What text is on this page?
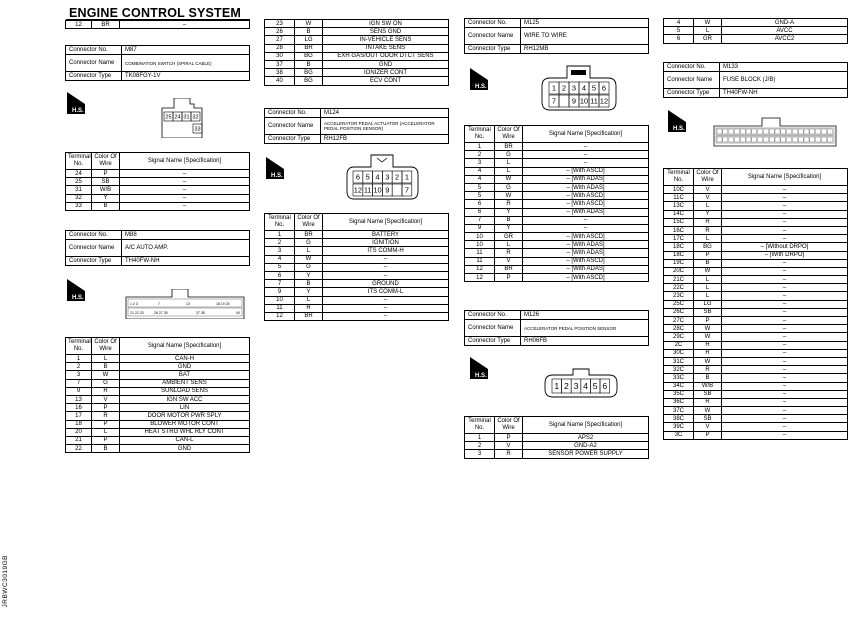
ENGINE CONTROL SYSTEM
JRBWC3019GB
12	BR	–
Connector No.	M87
Connector Name	COMBINATION SWITCH (SPIRAL CABLE)
Connector Type	TK08FGY-1V
H.S.
25 24 31 32
33
Terminal No.	Color Of Wire	Signal Name [Specification]
24	P	–
25	SB	–
31	W/B	–
32	Y	–
33	B	–
Connector No.	M88
Connector Name	A/C AUTO AMP.
Connector Type	TH40FW-NH
H.S.
1 2 3	7	13	18 19 20
21 22 23	26 27 28	37 38	40
Terminal No.	Color Of Wire	Signal Name [Specification]
1	L	CAN-H
2	B	GND
3	W	BAT
7	G	AMBIENT SENS
9	R	SUNLOAD SENS
13	V	IGN SW ACC
16	P	LIN
17	R	DOOR MOTOR PWR SPLY
18	P	BLOWER MOTOR CONT
20	L	HEAT STRG WHL RLY CONT
21	P	CAN-L
22	B	GND
23	W	IGN SW ON
26	B	SENS GND
27	LG	IN-VEHICLE SENS
28	BR	INTAKE SENS
30	BG	EXH GAS/OUT ODOR DTCT SENS
37	B	GND
38	BG	IONIZER CONT
40	BG	ECV CONT
Connector No.	M124
Connector Name	ACCELERATOR PEDAL ACTUATOR (ACCELERATOR PEDAL POSITION SENSOR)
Connector Type	RH12FB
H.S.	6 5 4 3 2 1
12 11 10 9 7
Terminal No.	Color Of Wire	Signal Name [Specification]
1	BR	BATTERY
2	G	IGNITION
3	L	ITS COMM-H
4	W	–
5	G	–
6	Y	–
7	B	GROUND
9	Y	ITS COMM-L
10	L	–
11	R	–
12	BR	–
Connector No.	M125
Connector Name	WIRE TO WIRE
Connector Type	RH12MB
H.S.	1 2 3 4 5 6
7 9 10 11 12
Terminal No.	Color Of Wire	Signal Name [Specification]
1	BR	–
2	G	–
3	L	–
4	L	– [With ASCD]
4	W	– [With ADAS]
5	G	– [With ADAS]
5	W	– [With ASCD]
6	R	– [With ASCD]
6	Y	– [With ADAS]
7	B	–
9	Y	–
10	GR	– [With ASCD]
10	L	– [With ADAS]
11	R	– [With ADAS]
11	V	– [With ASCD]
12	BR	– [With ADAS]
12	P	– [With ASCD]
Connector No.	M126
Connector Name	ACCELERATOR PEDAL POSITION SENSOR
Connector Type	RH06FB
H.S.
1 2 3 4 5 6
Terminal No.	Color Of Wire	Signal Name [Specification]
1	P	APS2
2	V	GND-A2
3	R	SENSOR POWER SUPPLY
4	W	GND-A
5	L	AVCC
6	GR	AVCC2
Connector No.	M133
Connector Name	FUSE BLOCK (J/B)
Connector Type	TH40FW-NH
H.S.
Terminal No.	Color Of Wire	Signal Name [Specification]
10C	V	–
11C	V	–
13C	L	–
14C	Y	–
15C	R	–
16C	R	–
17C	L	–
18C	BG	– [Without DRPO]
18C	P	– [With DRPO]
19C	B	–
20C	W	–
21C	L	–
22C	L	–
23C	L	–
25C	LG	–
26C	SB	–
27C	P	–
28C	W	–
29C	W	–
2C	R	–
30C	R	–
31C	W	–
32C	R	–
33C	B	–
34C	W/B	–
35C	SB	–
36C	R	–
37C	W	–
38C	SB	–
39C	V	–
3C	P	–
